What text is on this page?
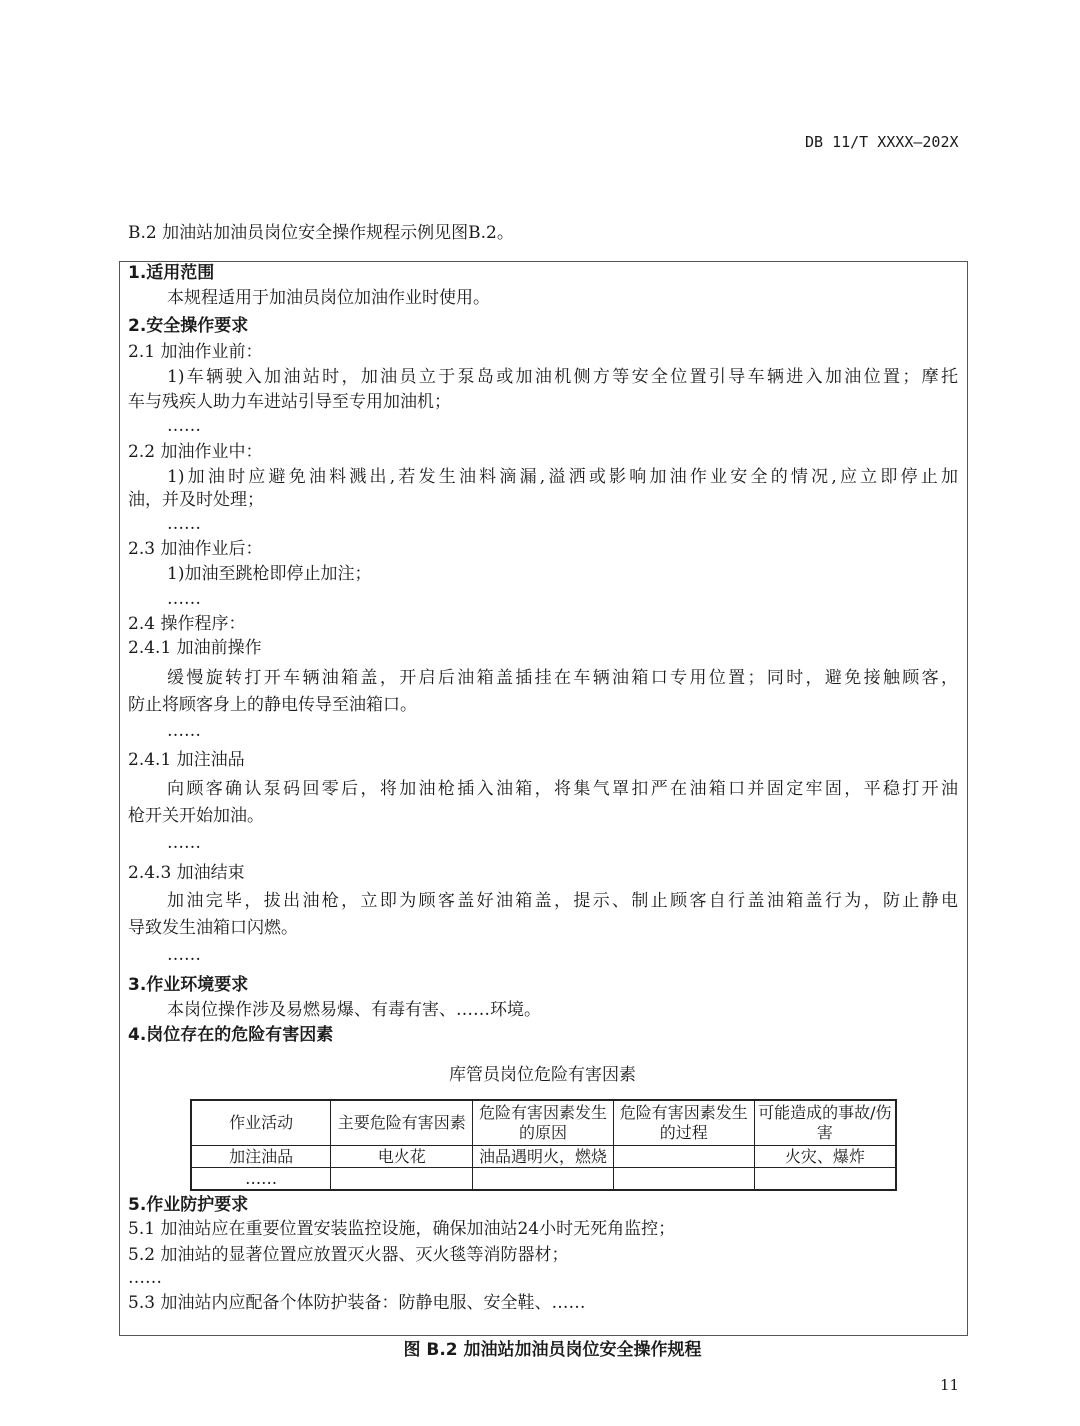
DB 11/T XXXX—202X
B.2 加油站加油员岗位安全操作规程示例见图B.2。
1.适用范围
本规程适用于加油员岗位加油作业时使用。
2.安全操作要求
2.1 加油作业前：
1)车辆驶入加油站时，加油员立于泵岛或加油机侧方等安全位置引导车辆进入加油位置；摩托
车与残疾人助力车进站引导至专用加油机；
……
2.2 加油作业中：
1)加油时应避免油料溅出,若发生油料滴漏,溢洒或影响加油作业安全的情况,应立即停止加
油，并及时处理；
……
2.3 加油作业后：
1)加油至跳枪即停止加注；
……
2.4 操作程序：
2.4.1 加油前操作
缓慢旋转打开车辆油箱盖，开启后油箱盖插挂在车辆油箱口专用位置；同时，避免接触顾客，
防止将顾客身上的静电传导至油箱口。
……
2.4.1 加注油品
向顾客确认泵码回零后，将加油枪插入油箱，将集气罩扣严在油箱口并固定牢固，平稳打开油
枪开关开始加油。
……
2.4.3 加油结束
加油完毕，拔出油枪，立即为顾客盖好油箱盖，提示、制止顾客自行盖油箱盖行为，防止静电
导致发生油箱口闪燃。
……
3.作业环境要求
本岗位操作涉及易燃易爆、有毒有害、……环境。
4.岗位存在的危险有害因素
库管员岗位危险有害因素
作业活动	主要危险有害因素	危险有害因素发生的原因	危险有害因素发生的过程	可能造成的事故/伤害
加注油品	电火花	油品遇明火，燃烧		火灾、爆炸
……				
5.作业防护要求
5.1 加油站应在重要位置安装监控设施，确保加油站24小时无死角监控；
5.2 加油站的显著位置应放置灭火器、灭火毯等消防器材；
……
5.3 加油站内应配备个体防护装备：防静电服、安全鞋、……
图 B.2 加油站加油员岗位安全操作规程
11
